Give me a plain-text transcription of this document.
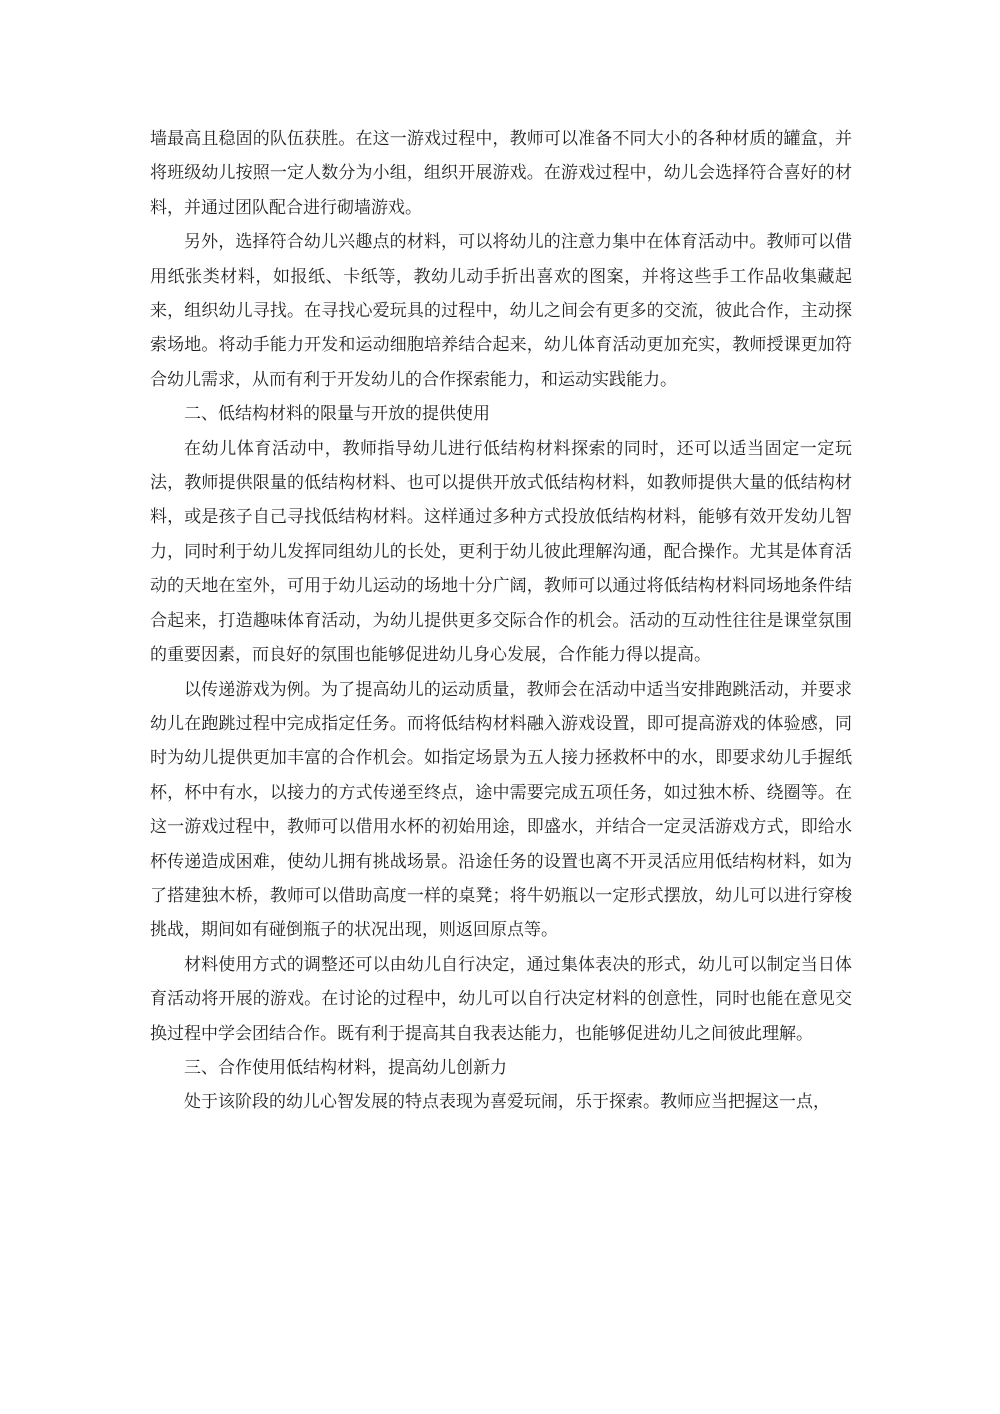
墙最高且稳固的队伍获胜。在这一游戏过程中，教师可以准备不同大小的各种材质的罐盒，并将班级幼儿按照一定人数分为小组，组织开展游戏。在游戏过程中，幼儿会选择符合喜好的材料，并通过团队配合进行砌墙游戏。

另外，选择符合幼儿兴趣点的材料，可以将幼儿的注意力集中在体育活动中。教师可以借用纸张类材料，如报纸、卡纸等，教幼儿动手折出喜欢的图案，并将这些手工作品收集藏起来，组织幼儿寻找。在寻找心爱玩具的过程中，幼儿之间会有更多的交流，彼此合作，主动探索场地。将动手能力开发和运动细胞培养结合起来，幼儿体育活动更加充实，教师授课更加符合幼儿需求，从而有利于开发幼儿的合作探索能力，和运动实践能力。

二、低结构材料的限量与开放的提供使用

在幼儿体育活动中，教师指导幼儿进行低结构材料探索的同时，还可以适当固定一定玩法，教师提供限量的低结构材料、也可以提供开放式低结构材料，如教师提供大量的低结构材料，或是孩子自己寻找低结构材料。这样通过多种方式投放低结构材料，能够有效开发幼儿智力，同时利于幼儿发挥同组幼儿的长处，更利于幼儿彼此理解沟通，配合操作。尤其是体育活动的天地在室外，可用于幼儿运动的场地十分广阔，教师可以通过将低结构材料同场地条件结合起来，打造趣味体育活动，为幼儿提供更多交际合作的机会。活动的互动性往往是课堂氛围的重要因素，而良好的氛围也能够促进幼儿身心发展，合作能力得以提高。

以传递游戏为例。为了提高幼儿的运动质量，教师会在活动中适当安排跑跳活动，并要求幼儿在跑跳过程中完成指定任务。而将低结构材料融入游戏设置，即可提高游戏的体验感，同时为幼儿提供更加丰富的合作机会。如指定场景为五人接力拯救杯中的水，即要求幼儿手握纸杯，杯中有水，以接力的方式传递至终点，途中需要完成五项任务，如过独木桥、绕圈等。在这一游戏过程中，教师可以借用水杯的初始用途，即盛水，并结合一定灵活游戏方式，即给水杯传递造成困难，使幼儿拥有挑战场景。沿途任务的设置也离不开灵活应用低结构材料，如为了搭建独木桥，教师可以借助高度一样的桌凳；将牛奶瓶以一定形式摆放，幼儿可以进行穿梭挑战，期间如有碰倒瓶子的状况出现，则返回原点等。

材料使用方式的调整还可以由幼儿自行决定，通过集体表决的形式，幼儿可以制定当日体育活动将开展的游戏。在讨论的过程中，幼儿可以自行决定材料的创意性，同时也能在意见交换过程中学会团结合作。既有利于提高其自我表达能力，也能够促进幼儿之间彼此理解。

三、合作使用低结构材料，提高幼儿创新力

处于该阶段的幼儿心智发展的特点表现为喜爱玩闹，乐于探索。教师应当把握这一点，
